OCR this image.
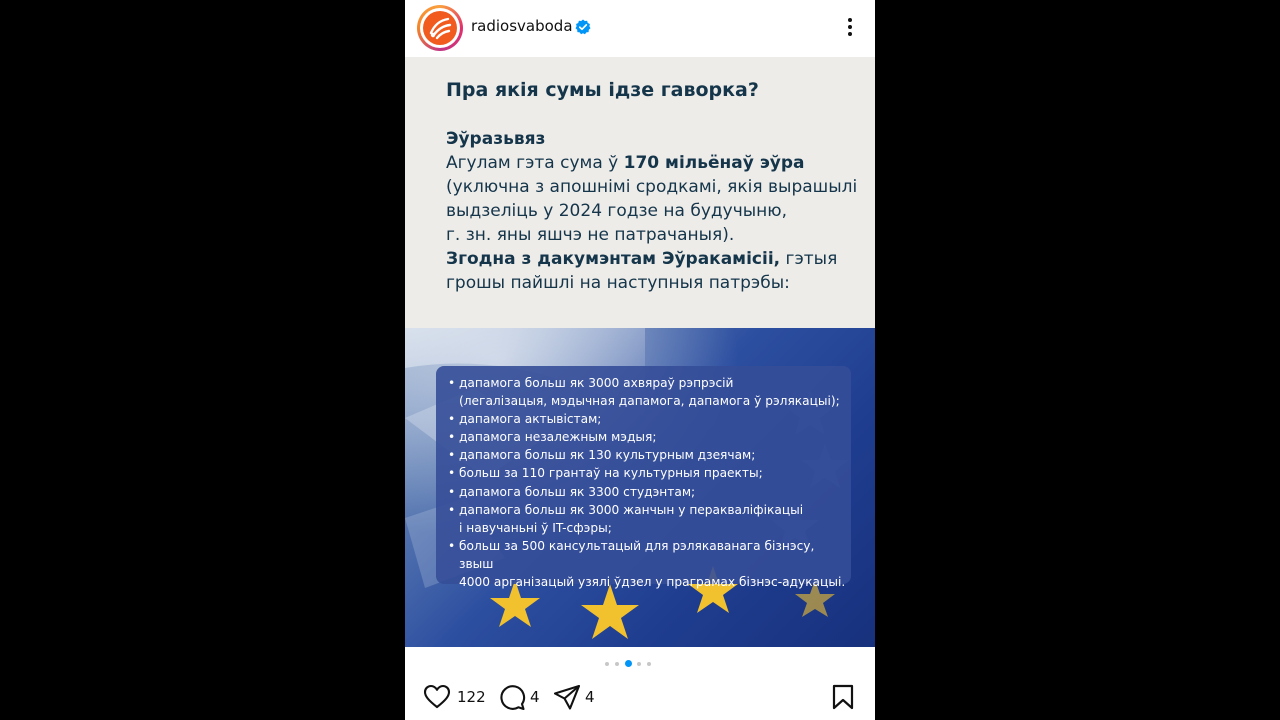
radiosvaboda
Пра якія сумы ідзе гаворка?
Эўразьвяз
Агулам гэта сума ў 170 мільёнаў эўра
(уключна з апошнімі сродкамі, якія вырашылі
выдзеліць у 2024 годзе на будучыню,
г. зн. яны яшчэ не патрачаныя).
Згодна з дакумэнтам Эўракамісіі, гэтыя
грошы пайшлі на наступныя патрэбы:
• дапамога больш як 3000 ахвяраў рэпрэсій
(легалізацыя, мэдычная дапамога, дапамога ў рэлякацыі);
• дапамога актывістам;
• дапамога незалежным мэдыя;
• дапамога больш як 130 культурным дзеячам;
• больш за 110 грантаў на культурныя праекты;
• дапамога больш як 3300 студэнтам;
• дапамога больш як 3000 жанчын у перакваліфікацыі
і навучаньні ў IT-сфэры;
• больш за 500 кансультацый для рэлякаванага бізнэсу, звыш
4000 арганізацый узялі ўдзел у праграмах бізнэс-адукацыі.
122	4	4
